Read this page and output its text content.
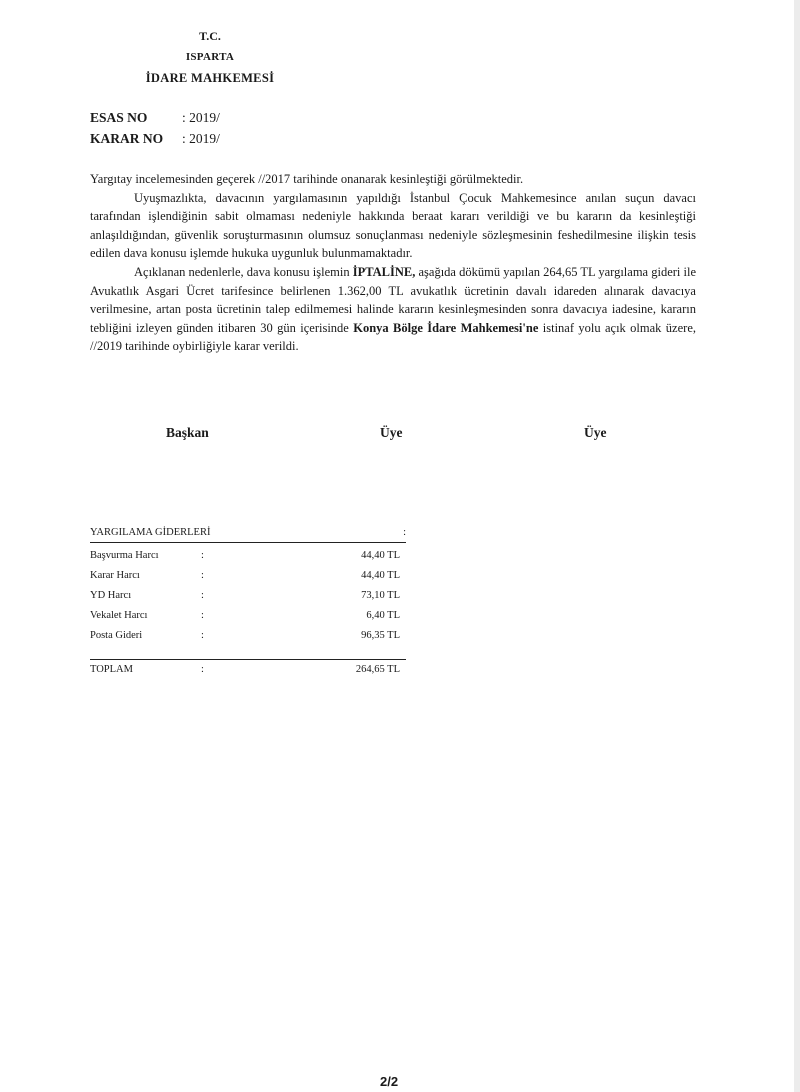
T.C.
ISPARTA
İDARE MAHKEMESİ
ESAS NO	: 2019/
KARAR NO : 2019/

Yargıtay incelemesinden geçerek //2017 tarihinde onanarak kesinleştiği görülmektedir.

Uyuşmazlıkta, davacının yargılamasının yapıldığı İstanbul Çocuk Mahkemesince anılan suçun davacı tarafından işlendiğinin sabit olmaması nedeniyle hakkında beraat kararı verildiği ve bu kararın da kesinleştiği anlaşıldığından, güvenlik soruşturmasının olumsuz sonuçlanması nedeniyle sözleşmesinin feshedilmesine ilişkin tesis edilen dava konusu işlemde hukuka uygunluk bulunmamaktadır.

Açıklanan nedenlerle, dava konusu işlemin İPTALİNE, aşağıda dökümü yapılan 264,65 TL yargılama gideri ile Avukatlık Asgari Ücret tarifesince belirlenen 1.362,00 TL avukatlık ücretinin davalı idareden alınarak davacıya verilmesine, artan posta ücretinin talep edilmemesi halinde kararın kesinleşmesinden sonra davacıya iadesine, kararın tebliğini izleyen günden itibaren 30 gün içerisinde Konya Bölge İdare Mahkemesi'ne istinaf yolu açık olmak üzere, //2019 tarihinde oybirliğiyle karar verildi.

Başkan	Üye	Üye
YARGILAMA GİDERLERİ	:
Başvurma Harcı	:	44,40 TL
Karar Harcı	:	44,40 TL
YD Harcı	:	73,10 TL
Vekalet Harcı	:	6,40 TL
Posta Gideri	:	96,35 TL
TOPLAM	:	264,65 TL
2/2
